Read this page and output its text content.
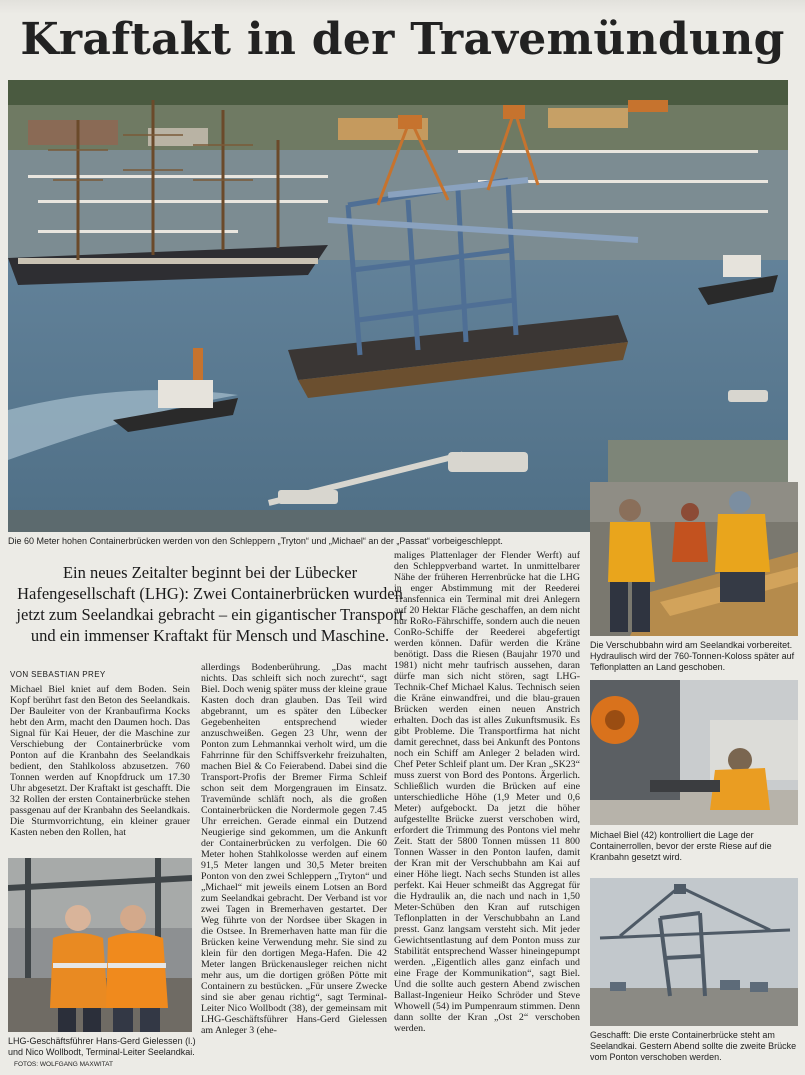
Kraftakt in der Travemündung
Die 60 Meter hohen Containerbrücken werden von den Schleppern „Tryton“ und „Michael“ an der „Passat“ vorbeigeschleppt.
Ein neues Zeitalter beginnt bei der Lübecker Hafengesellschaft (LHG): Zwei Containerbrücken wurden jetzt zum Seelandkai gebracht – ein gigantischer Transport und ein immenser Kraftakt für Mensch und Maschine.
VON SEBASTIAN PREY
Michael Biel kniet auf dem Boden. Sein Kopf berührt fast den Beton des Seelandkais. Der Bauleiter von der Kranbaufirma Kocks hebt den Arm, macht den Daumen hoch. Das Signal für Kai Heuer, der die Maschine zur Verschiebung der Containerbrücke vom Ponton auf die Kranbahn des Seelandkais bedient, den Stahlkoloss abzusetzen. 760 Tonnen werden auf Knopfdruck um 17.30 Uhr abgesetzt. Der Kraftakt ist geschafft. Die 32 Rollen der ersten Containerbrücke stehen passgenau auf der Kranbahn des Seelandkais. Die Sturmvorrichtung, ein kleiner grauer Kasten neben den Rollen, hat
LHG-Geschäftsführer Hans-Gerd Gielessen (l.) und Nico Wollbodt, Terminal-Leiter Seelandkai. FOTOS: WOLFGANG MAXWITAT
allerdings Bodenberührung. „Das macht nichts. Das schleift sich noch zurecht“, sagt Biel. Doch wenig später muss der kleine graue Kasten doch dran glauben. Das Teil wird abgebrannt, um es später den Lübecker Gegebenheiten entsprechend wieder anzuschweißen. Gegen 23 Uhr, wenn der Ponton zum Lehmannkai verholt wird, um die Fahrrinne für den Schiffsverkehr freizuhalten, machen Biel & Co Feierabend. Dabei sind die Transport-Profis der Bremer Firma Schleif schon seit dem Morgengrauen im Einsatz. Travemünde schläft noch, als die großen Containerbrücken die Nordermole gegen 7.45 Uhr erreichen. Gerade einmal ein Dutzend Neugierige sind gekommen, um die Ankunft der Containerbrücken zu verfolgen. Die 60 Meter hohen Stahlkolosse werden auf einem 91,5 Meter langen und 30,5 Meter breiten Ponton von den zwei Schleppern „Tryton“ und „Michael“ mit jeweils einem Lotsen an Bord zum Seelandkai gebracht. Der Verband ist vor zwei Tagen in Bremerhaven gestartet. Der Weg führte von der Nordsee über Skagen in die Ostsee. In Bremerhaven hatte man für die Brücken keine Verwendung mehr. Sie sind zu klein für den dortigen Mega-Hafen. Die 42 Meter langen Brückenausleger reichen nicht mehr aus, um die dortigen größen Pötte mit Containern zu bestücken. „Für unsere Zwecke sind sie aber genau richtig“, sagt Terminal-Leiter Nico Wollbodt (38), der gemeinsam mit LHG-Geschäftsführer Hans-Gerd Gielessen am Anleger 3 (ehe-
maliges Plattenlager der Flender Werft) auf den Schleppverband wartet. In unmittelbarer Nähe der früheren Herrenbrücke hat die LHG in enger Abstimmung mit der Reederei Transfennica ein Terminal mit drei Anlegern auf 20 Hektar Fläche geschaffen, an dem nicht nur RoRo-Fährschiffe, sondern auch die neuen ConRo-Schiffe der Reederei abgefertigt werden können. Dafür werden die Kräne benötigt. Dass die Riesen (Baujahr 1970 und 1981) nicht mehr taufrisch aussehen, daran dürfe man sich nicht stören, sagt LHG-Technik-Chef Michael Kalus. Technisch seien die Kräne einwandfrei, und die blau-grauen Brücken werden einen neuen Anstrich erhalten. Doch das ist alles Zukunftsmusik. Es gibt Probleme. Die Transportfirma hat nicht damit gerechnet, dass bei Ankunft des Pontons noch ein Schiff am Anleger 2 beladen wird. Chef Peter Schleif plant um. Der Kran „SK23“ muss zuerst von Bord des Pontons. Ärgerlich. Schließlich wurden die Brücken auf eine unterschiedliche Höhe (1,9 Meter und 0,6 Meter) aufgebockt. Da jetzt die höher aufgestellte Brücke zuerst verschoben wird, erfordert die Trimmung des Pontons viel mehr Zeit. Statt der 5800 Tonnen müssen 11 800 Tonnen Wasser in den Ponton laufen, damit der Kran mit der Verschubbahn am Kai auf einer Höhe liegt. Nach sechs Stunden ist alles perfekt. Kai Heuer schmeißt das Aggregat für die Hydraulik an, die nach und nach in 1,50 Meter-Schüben den Kran auf rutschigen Teflonplatten in der Verschubbahn an Land presst. Ganz langsam versteht sich. Mit jeder Gewichtsentlastung auf dem Ponton muss zur Stabilität entsprechend Wasser hineingepumpt werden. „Eigentlich alles ganz einfach und eine Frage der Kommunikation“, sagt Biel. Und die sollte auch gestern Abend zwischen Ballast-Ingenieur Heiko Schröder und Steve Whowell (54) im Pumpenraum stimmen. Denn dann sollte der Kran „Ost 2“ verschoben werden.
Die Verschubbahn wird am Seelandkai vorbereitet. Hydraulisch wird der 760-Tonnen-Koloss später auf Teflonplatten an Land geschoben.
Michael Biel (42) kontrolliert die Lage der Containerrollen, bevor der erste Riese auf die Kranbahn gesetzt wird.
Geschafft: Die erste Containerbrücke steht am Seelandkai. Gestern Abend sollte die zweite Brücke vom Ponton verschoben werden.
